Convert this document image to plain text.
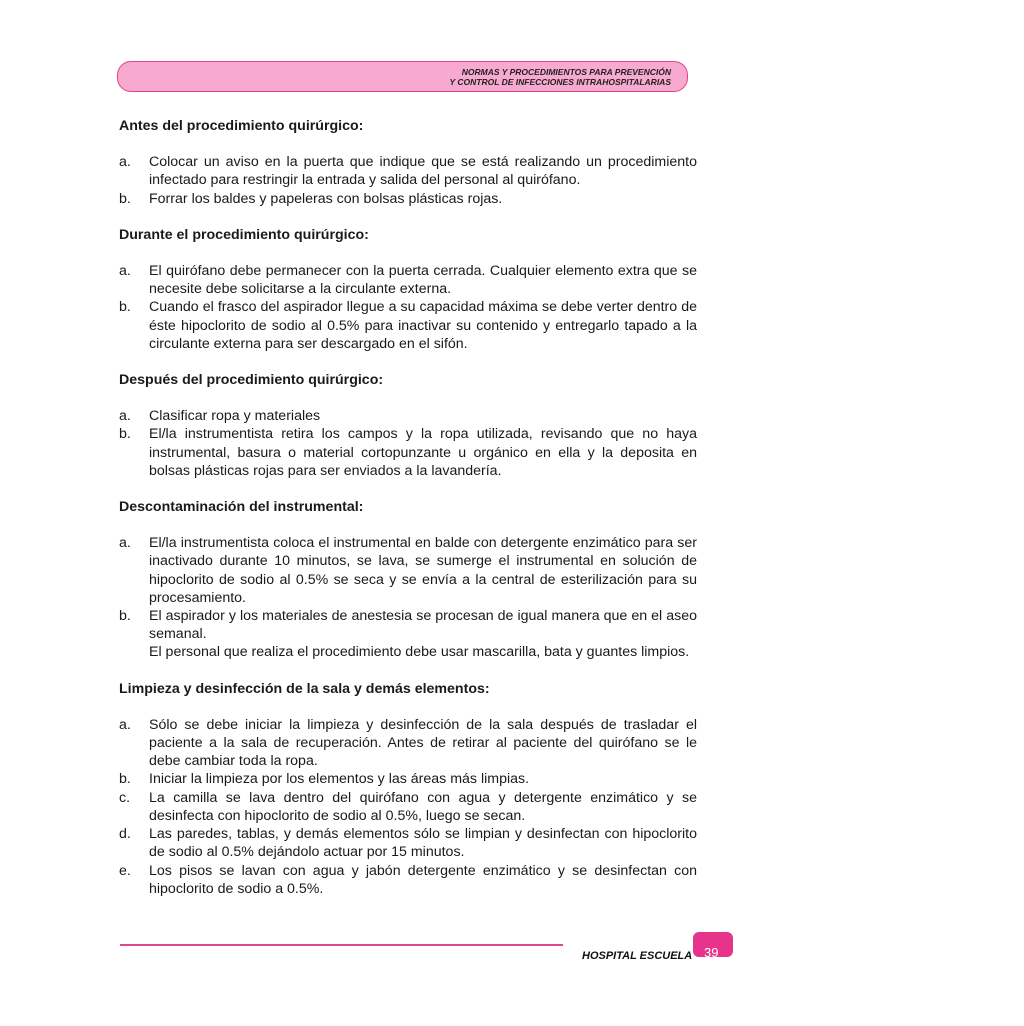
NORMAS Y PROCEDIMIENTOS PARA PREVENCIÓN
Y CONTROL DE INFECCIONES INTRAHOSPITALARIAS
Antes del procedimiento quirúrgico:
a.	Colocar un aviso en la puerta que indique que se está realizando un procedimiento infectado para restringir la entrada y salida del personal al quirófano.
b.	Forrar los baldes y papeleras con bolsas plásticas rojas.
Durante el procedimiento quirúrgico:
a.	El quirófano debe permanecer con la puerta cerrada. Cualquier elemento extra que se necesite debe solicitarse a la circulante externa.
b.	Cuando el frasco del aspirador llegue a su capacidad máxima se debe verter dentro de éste hipoclorito de sodio al 0.5% para inactivar su contenido y entregarlo tapado a la circulante externa para ser descargado en el sifón.
Después del procedimiento quirúrgico:
a.	Clasificar ropa y materiales
b.	El/la instrumentista retira los campos y la ropa utilizada, revisando que no haya instrumental, basura o material cortopunzante u orgánico en ella y la deposita en bolsas plásticas rojas para ser enviados a la lavandería.
Descontaminación del instrumental:
a.	El/la instrumentista coloca el instrumental en balde con detergente enzimático para ser inactivado durante 10 minutos, se lava, se sumerge el instrumental en solución de hipoclorito de sodio al 0.5% se seca y se envía a la central de esterilización para su procesamiento.
b.	El aspirador y los materiales de anestesia se procesan de igual manera que en el aseo semanal.
El personal que realiza el procedimiento debe usar mascarilla, bata y guantes limpios.
Limpieza y desinfección de la sala y demás elementos:
a.	Sólo se debe iniciar la limpieza y desinfección de la sala después de trasladar el paciente a la sala de recuperación. Antes de retirar al paciente del quirófano se le debe cambiar toda la ropa.
b.	Iniciar la limpieza por los elementos y las áreas más limpias.
c.	La camilla se lava dentro del quirófano con agua y detergente enzimático y se desinfecta con hipoclorito de sodio al 0.5%, luego se secan.
d.	Las paredes, tablas, y demás elementos sólo se limpian y desinfectan con hipoclorito de sodio al 0.5% dejándolo actuar por 15 minutos.
e.	Los pisos se lavan con agua y jabón detergente enzimático y se desinfectan con hipoclorito de sodio a 0.5%.
39
HOSPITAL ESCUELA
